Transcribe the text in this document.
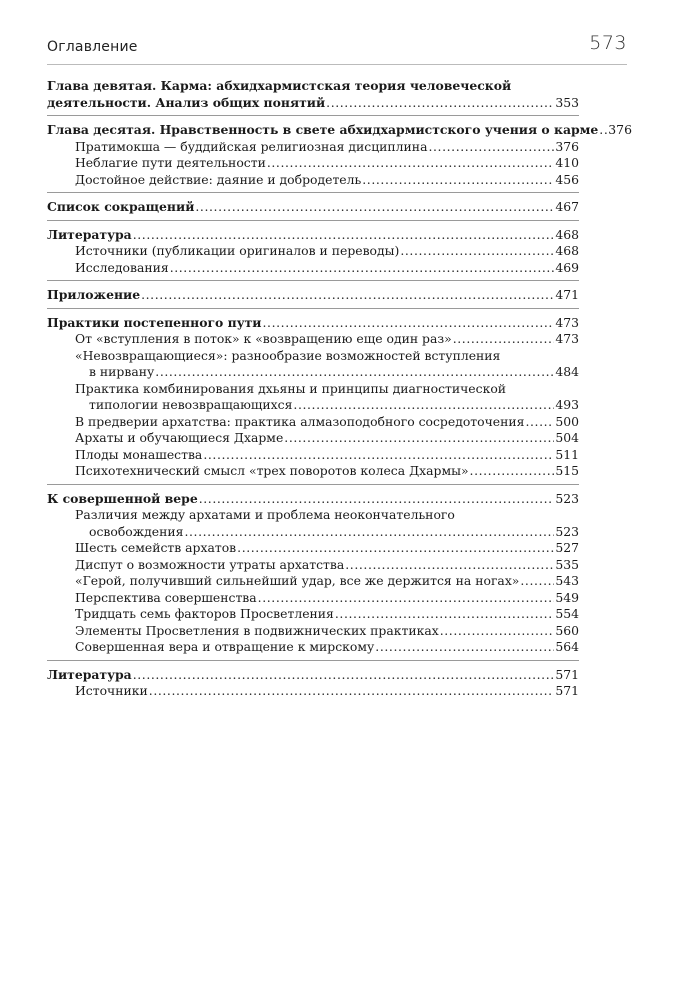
Оглавление	573
Глава девятая. Карма: абхидхармистская теория человеческой
деятельности. Анализ общих понятий .....	353
Глава десятая. Нравственность в свете абхидхармистского учения о карме ..... 376
Пратимокша — буддийская религиозная дисциплина .....	376
Неблагие пути деятельности .....	410
Достойное действие: даяние и добродетель .....	456
Список сокращений .....	467
Литература .....	468
Источники (публикации оригиналов и переводы) .....	468
Исследования .....	469
Приложение .....	471
Практики постепенного пути .....	473
От «вступления в поток» к «возвращению еще один раз» .....	473
«Невозвращающиеся»: разнообразие возможностей вступления
в нирвану .....	484
Практика комбинирования дхьяны и принципы диагностической
типологии невозвращающихся .....	493
В предверии архатства: практика алмазоподобного сосредоточения ..... 500
Архаты и обучающиеся Дхарме .....	504
Плоды монашества .....	511
Психотехнический смысл «трех поворотов колеса Дхармы» .....	515
К совершенной вере .....	523
Различия между архатами и проблема неокончательного
освобождения .....	523
Шесть семейств архатов .....	527
Диспут о возможности утраты архатства .....	535
«Герой, получивший сильнейший удар, все же держится на ногах» .....	543
Перспектива совершенства .....	549
Тридцать семь факторов Просветления .....	554
Элементы Просветления в подвижнических практиках .....	560
Совершенная вера и отвращение к мирскому .....	564
Литература .....	571
Источники .....	571
